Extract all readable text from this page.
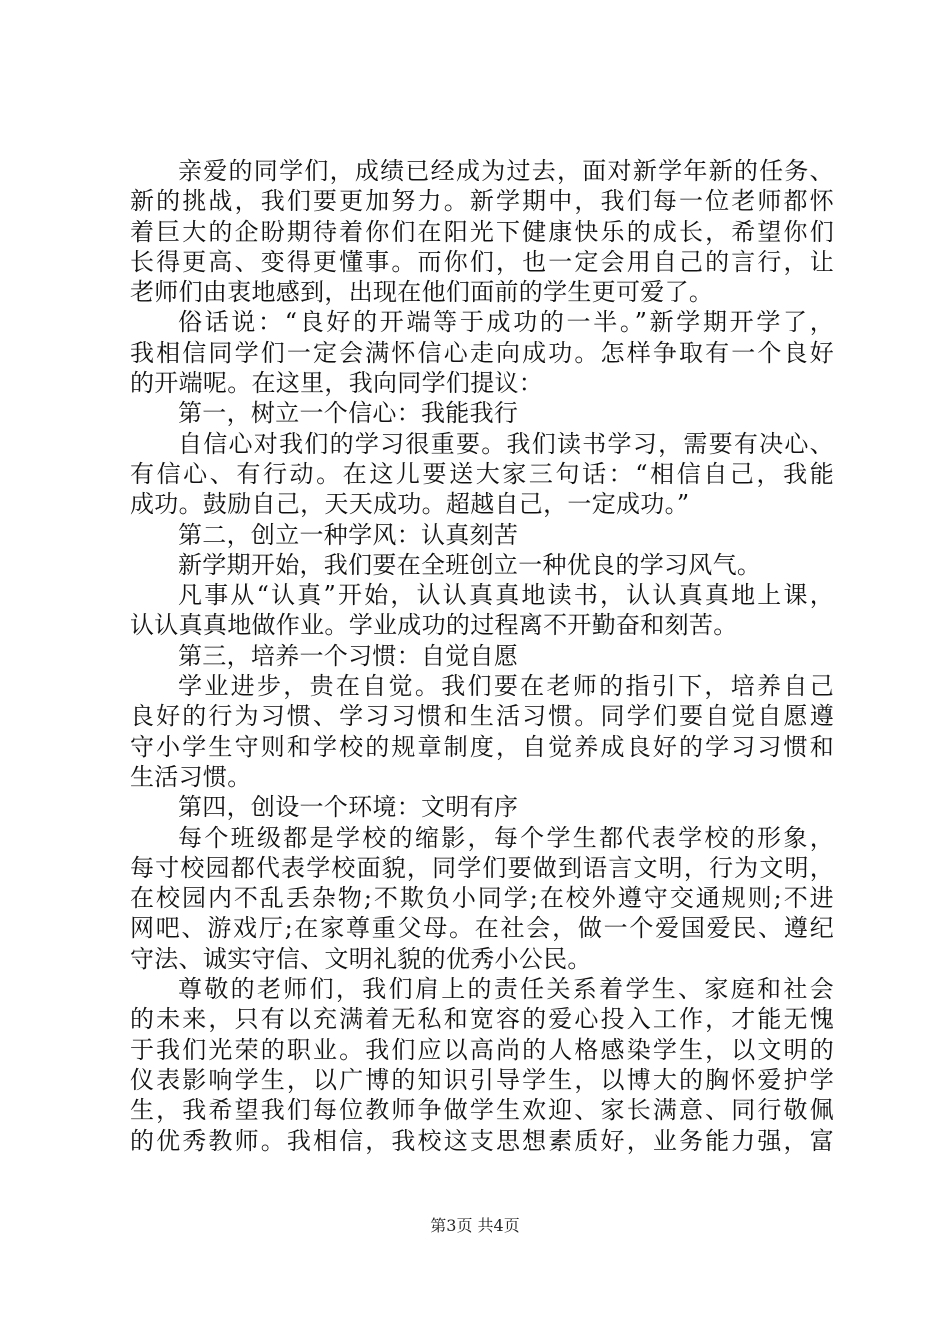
亲爱的同学们，成绩已经成为过去，面对新学年新的任务、
新的挑战，我们要更加努力。新学期中，我们每一位老师都怀
着巨大的企盼期待着你们在阳光下健康快乐的成长，希望你们
长得更高、变得更懂事。而你们，也一定会用自己的言行，让
老师们由衷地感到，出现在他们面前的学生更可爱了。
俗话说：“良好的开端等于成功的一半。”新学期开学了，
我相信同学们一定会满怀信心走向成功。怎样争取有一个良好
的开端呢。在这里，我向同学们提议：
第一，树立一个信心：我能我行
自信心对我们的学习很重要。我们读书学习，需要有决心、
有信心、有行动。在这儿要送大家三句话：“相信自己，我能
成功。鼓励自己，天天成功。超越自己，一定成功。”
第二，创立一种学风：认真刻苦
新学期开始，我们要在全班创立一种优良的学习风气。
凡事从“认真”开始，认认真真地读书，认认真真地上课，
认认真真地做作业。学业成功的过程离不开勤奋和刻苦。
第三，培养一个习惯：自觉自愿
学业进步，贵在自觉。我们要在老师的指引下，培养自己
良好的行为习惯、学习习惯和生活习惯。同学们要自觉自愿遵
守小学生守则和学校的规章制度，自觉养成良好的学习习惯和
生活习惯。
第四，创设一个环境：文明有序
每个班级都是学校的缩影，每个学生都代表学校的形象，
每寸校园都代表学校面貌，同学们要做到语言文明，行为文明，
在校园内不乱丢杂物;不欺负小同学;在校外遵守交通规则;不进
网吧、游戏厅;在家尊重父母。在社会，做一个爱国爱民、遵纪
守法、诚实守信、文明礼貌的优秀小公民。
尊敬的老师们，我们肩上的责任关系着学生、家庭和社会
的未来，只有以充满着无私和宽容的爱心投入工作，才能无愧
于我们光荣的职业。我们应以高尚的人格感染学生，以文明的
仪表影响学生，以广博的知识引导学生，以博大的胸怀爱护学
生，我希望我们每位教师争做学生欢迎、家长满意、同行敬佩
的优秀教师。我相信，我校这支思想素质好，业务能力强，富
第3页 共4页
